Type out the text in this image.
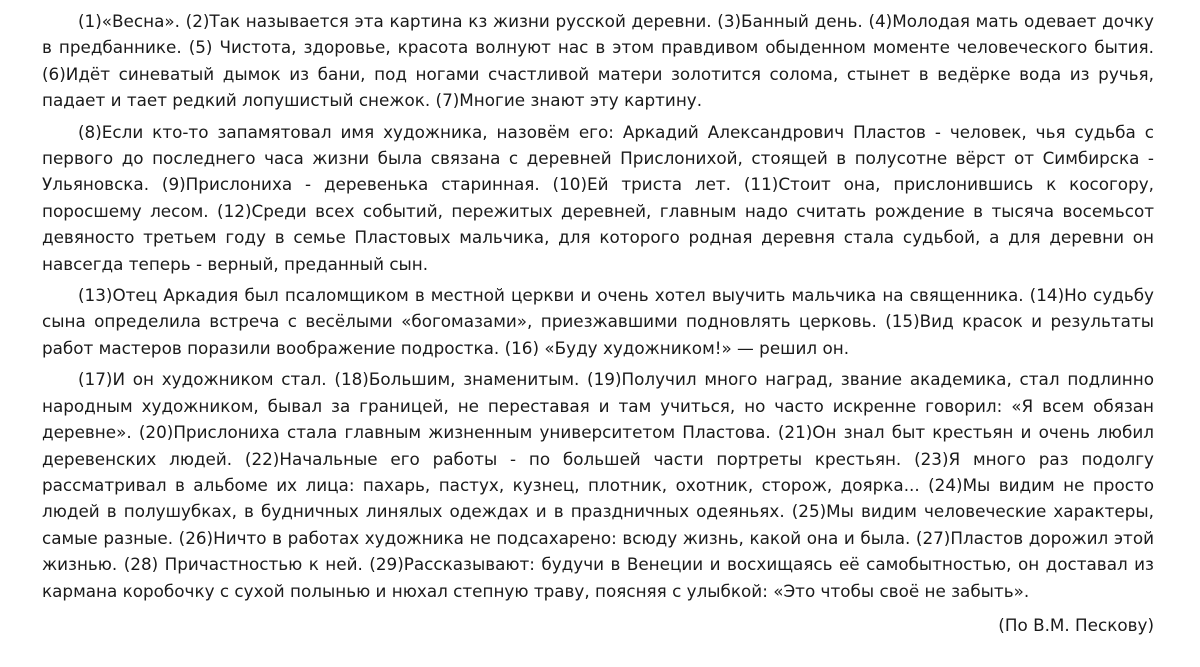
(1)«Весна». (2)Так называется эта картина кз жизни русской деревни. (3)Банный день. (4)Молодая мать одевает дочку в предбаннике. (5) Чистота, здоровье, красота волнуют нас в этом правдивом обыденном моменте человеческого бытия. (6)Идёт синеватый дымок из бани, под ногами счастливой матери золотится солома, стынет в ведёрке вода из ручья, падает и тает редкий лопушистый снежок. (7)Многие знают эту картину.

(8)Если кто-то запамятовал имя художника, назовём его: Аркадий Александрович Пластов - человек, чья судьба с первого до последнего часа жизни была связана с деревней Прислонихой, стоящей в полусотне вёрст от Симбирска - Ульяновска. (9)Прислониха - деревенька старинная. (10)Ей триста лет. (11)Стоит она, прислонившись к косогору, поросшему лесом. (12)Среди всех событий, пережитых деревней, главным надо считать рождение в тысяча восемьсот девяносто третьем году в семье Пластовых мальчика, для которого родная деревня стала судьбой, а для деревни он навсегда теперь - верный, преданный сын.

(13)Отец Аркадия был псаломщиком в местной церкви и очень хотел выучить мальчика на священника. (14)Но судьбу сына определила встреча с весёлыми «богомазами», приезжавшими подновлять церковь. (15)Вид красок и результаты работ мастеров поразили воображение подростка. (16) «Буду художником!» — решил он.

(17)И он художником стал. (18)Большим, знаменитым. (19)Получил много наград, звание академика, стал подлинно народным художником, бывал за границей, не переставая и там учиться, но часто искренне говорил: «Я всем обязан деревне». (20)Прислониха стала главным жизненным университетом Пластова. (21)Он знал быт крестьян и очень любил деревенских людей. (22)Начальные его работы - по большей части портреты крестьян. (23)Я много раз подолгу рассматривал в альбоме их лица: пахарь, пастух, кузнец, плотник, охотник, сторож, доярка... (24)Мы видим не просто людей в полушубках, в будничных линялых одеждах и в праздничных одеяньях. (25)Мы видим человеческие характеры, самые разные. (26)Ничто в работах художника не подсахарено: всюду жизнь, какой она и была. (27)Пластов дорожил этой жизнью. (28) Причастностью к ней. (29)Рассказывают: будучи в Венеции и восхищаясь её самобытностью, он доставал из кармана коробочку с сухой полынью и нюхал степную траву, поясняя с улыбкой: «Это чтобы своё не забыть».

(По В.М. Пескову)
